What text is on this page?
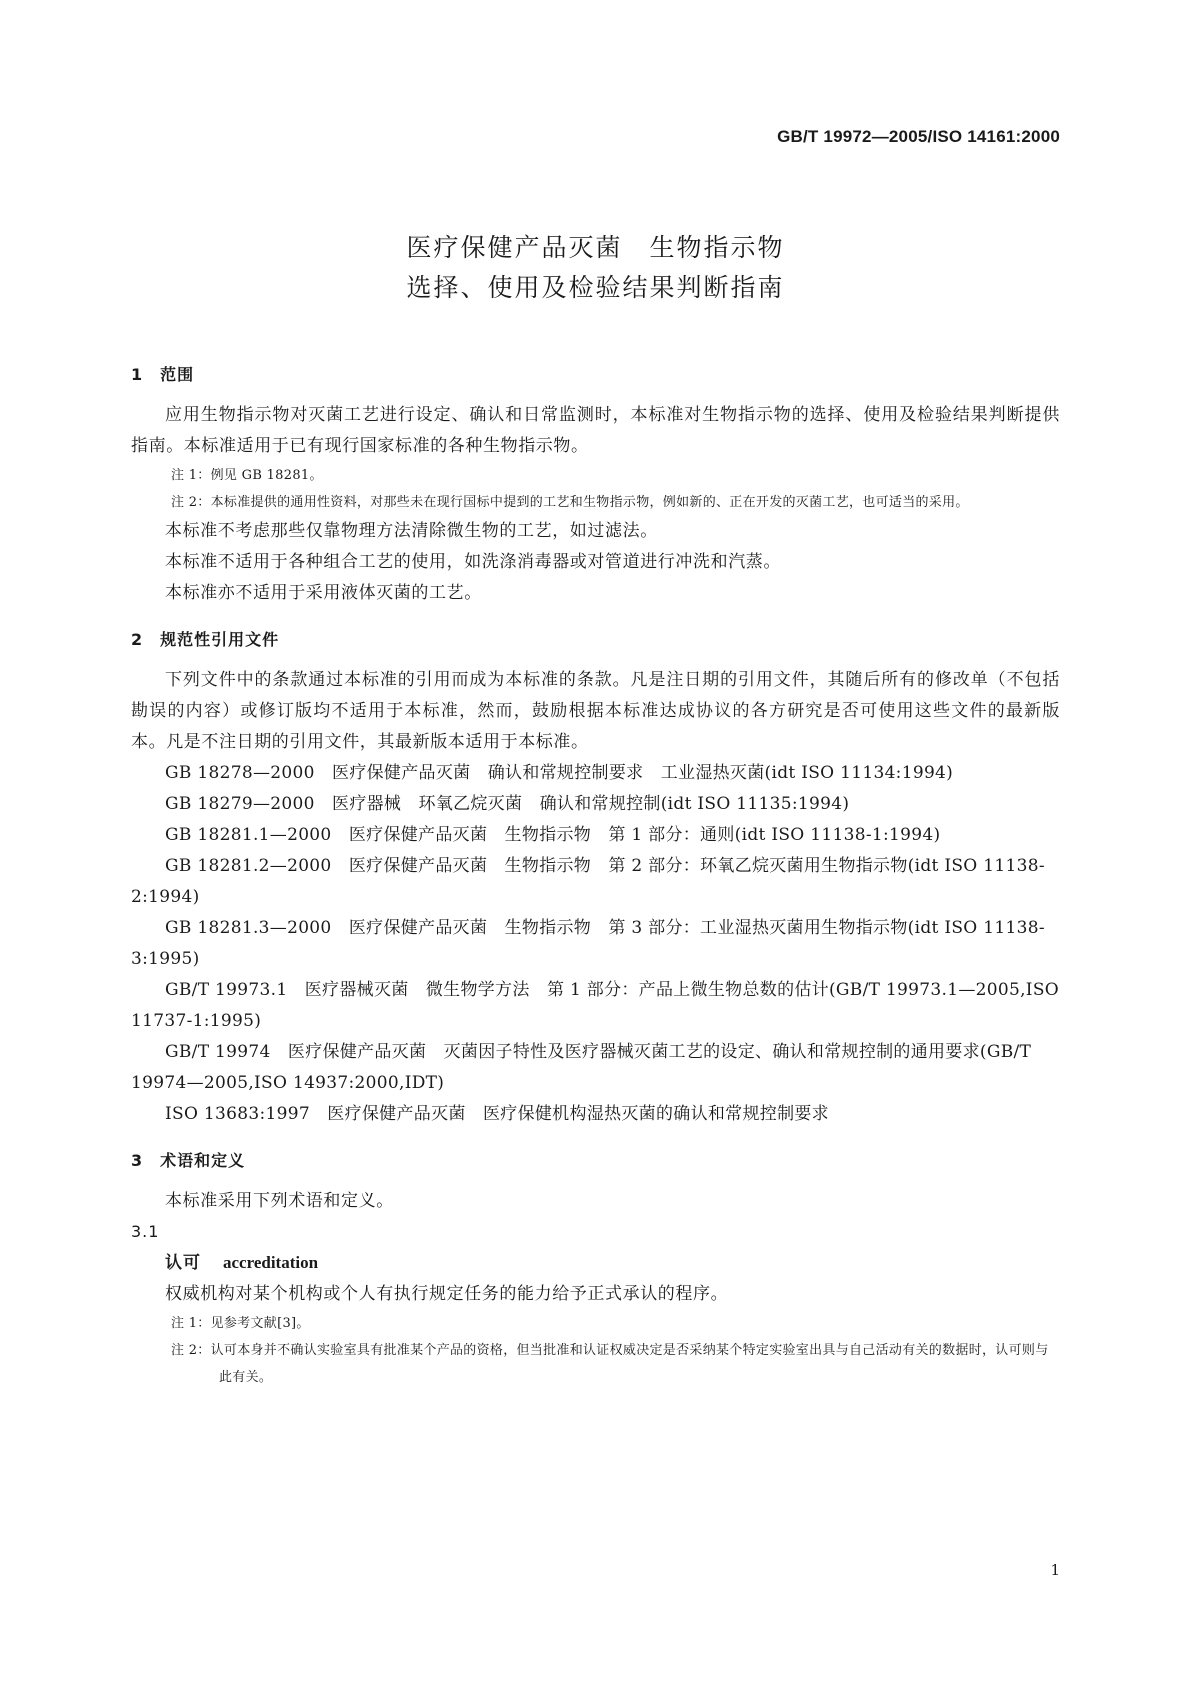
GB/T 19972—2005/ISO 14161:2000
医疗保健产品灭菌　生物指示物
选择、使用及检验结果判断指南
1　范围
应用生物指示物对灭菌工艺进行设定、确认和日常监测时，本标准对生物指示物的选择、使用及检验结果判断提供指南。本标准适用于已有现行国家标准的各种生物指示物。
注 1：例见 GB 18281。
注 2：本标准提供的通用性资料，对那些未在现行国标中提到的工艺和生物指示物，例如新的、正在开发的灭菌工艺，也可适当的采用。
本标准不考虑那些仅靠物理方法清除微生物的工艺，如过滤法。
本标准不适用于各种组合工艺的使用，如洗涤消毒器或对管道进行冲洗和汽蒸。
本标准亦不适用于采用液体灭菌的工艺。
2　规范性引用文件
下列文件中的条款通过本标准的引用而成为本标准的条款。凡是注日期的引用文件，其随后所有的修改单（不包括勘误的内容）或修订版均不适用于本标准，然而，鼓励根据本标准达成协议的各方研究是否可使用这些文件的最新版本。凡是不注日期的引用文件，其最新版本适用于本标准。
GB 18278—2000　医疗保健产品灭菌　确认和常规控制要求　工业湿热灭菌(idt ISO 11134:1994)
GB 18279—2000　医疗器械　环氧乙烷灭菌　确认和常规控制(idt ISO 11135:1994)
GB 18281.1—2000　医疗保健产品灭菌　生物指示物　第 1 部分：通则(idt ISO 11138-1:1994)
GB 18281.2—2000　医疗保健产品灭菌　生物指示物　第 2 部分：环氧乙烷灭菌用生物指示物(idt ISO 11138-2:1994)
GB 18281.3—2000　医疗保健产品灭菌　生物指示物　第 3 部分：工业湿热灭菌用生物指示物(idt ISO 11138-3:1995)
GB/T 19973.1　医疗器械灭菌　微生物学方法　第 1 部分：产品上微生物总数的估计(GB/T 19973.1—2005,ISO 11737-1:1995)
GB/T 19974　医疗保健产品灭菌　灭菌因子特性及医疗器械灭菌工艺的设定、确认和常规控制的通用要求(GB/T 19974—2005,ISO 14937:2000,IDT)
ISO 13683:1997　医疗保健产品灭菌　医疗保健机构湿热灭菌的确认和常规控制要求
3　术语和定义
本标准采用下列术语和定义。
3.1
认可 accreditation
权威机构对某个机构或个人有执行规定任务的能力给予正式承认的程序。
注 1：见参考文献[3]。
注 2：认可本身并不确认实验室具有批准某个产品的资格，但当批准和认证权威决定是否采纳某个特定实验室出具与自己活动有关的数据时，认可则与此有关。
1
